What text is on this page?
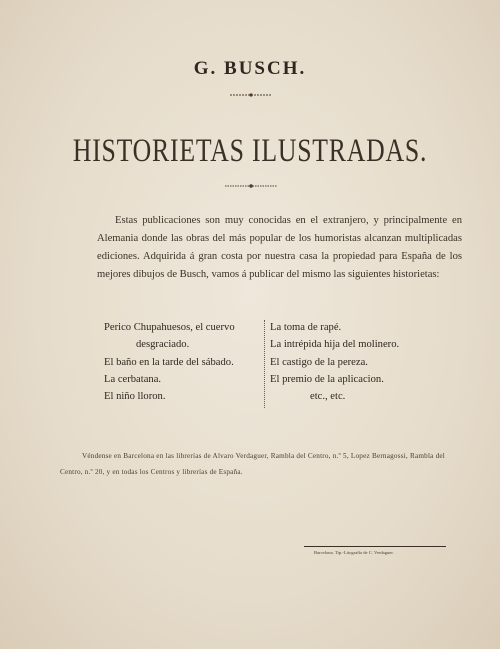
G. BUSCH.
HISTORIETAS ILUSTRADAS.
Estas publicaciones son muy conocidas en el extranjero, y principalmente en Alemania donde las obras del más popular de los humoristas alcanzan multiplicadas ediciones. Adquirida á gran costa por nuestra casa la propiedad para España de los mejores dibujos de Busch, vamos á publicar del mismo las siguientes historietas:
Perico Chupahuesos, el cuervo
desgraciado.
El baño en la tarde del sábado.
La cerbatana.
El niño lloron.
La toma de rapé.
La intrépida hija del molinero.
El castigo de la pereza.
El premio de la aplicacion.
etc., etc.
Véndense en Barcelona en las librerías de Alvaro Verdaguer, Rambla del Centro, n.º 5, Lopez Bernagossi, Rambla del Centro, n.º 20, y en todas los Centros y librerías de España.
Barcelona. Tip.-Litografía de C. Verdaguer.
